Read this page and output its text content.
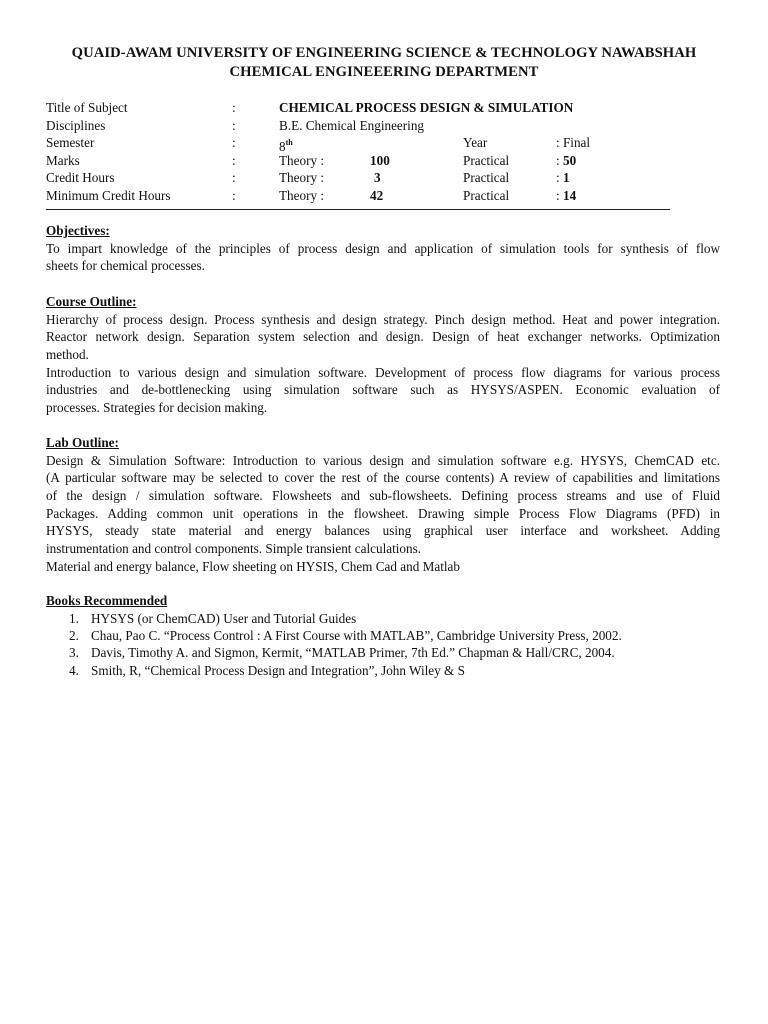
QUAID-AWAM UNIVERSITY OF ENGINEERING SCIENCE & TECHNOLOGY NAWABSHAH
CHEMICAL ENGINEEERING DEPARTMENT
Title of Subject	:	CHEMICAL PROCESS DESIGN & SIMULATION
Disciplines	:	B.E. Chemical Engineering
Semester	:	8th	Year	: Final
Marks	:	Theory :	100	Practical	: 50
Credit Hours	:	Theory :	3	Practical	: 1
Minimum Credit Hours	:	Theory :	42	Practical	: 14
Objectives:
To impart knowledge of the principles of process design and application of simulation tools for synthesis of flow
sheets for chemical processes.
Course Outline:
Hierarchy of process design. Process synthesis and design strategy. Pinch design method. Heat and power integration.
Reactor network design. Separation system selection and design. Design of heat exchanger networks. Optimization
method.
Introduction to various design and simulation software. Development of process flow diagrams for various process
industries and de-bottlenecking using simulation software such as HYSYS/ASPEN. Economic evaluation of
processes. Strategies for decision making.
Lab Outline:
Design & Simulation Software: Introduction to various design and simulation software e.g. HYSYS, ChemCAD etc.
(A particular software may be selected to cover the rest of the course contents) A review of capabilities and limitations
of the design / simulation software. Flowsheets and sub-flowsheets. Defining process streams and use of Fluid
Packages. Adding common unit operations in the flowsheet. Drawing simple Process Flow Diagrams (PFD) in
HYSYS, steady state material and energy balances using graphical user interface and worksheet. Adding
instrumentation and control components. Simple transient calculations.
Material and energy balance, Flow sheeting on HYSIS, Chem Cad and Matlab
Books Recommended
1. HYSYS (or ChemCAD) User and Tutorial Guides
2. Chau, Pao C. “Process Control : A First Course with MATLAB”, Cambridge University Press, 2002.
3. Davis, Timothy A. and Sigmon, Kermit, “MATLAB Primer, 7th Ed.” Chapman & Hall/CRC, 2004.
4. Smith, R, “Chemical Process Design and Integration”, John Wiley & S
